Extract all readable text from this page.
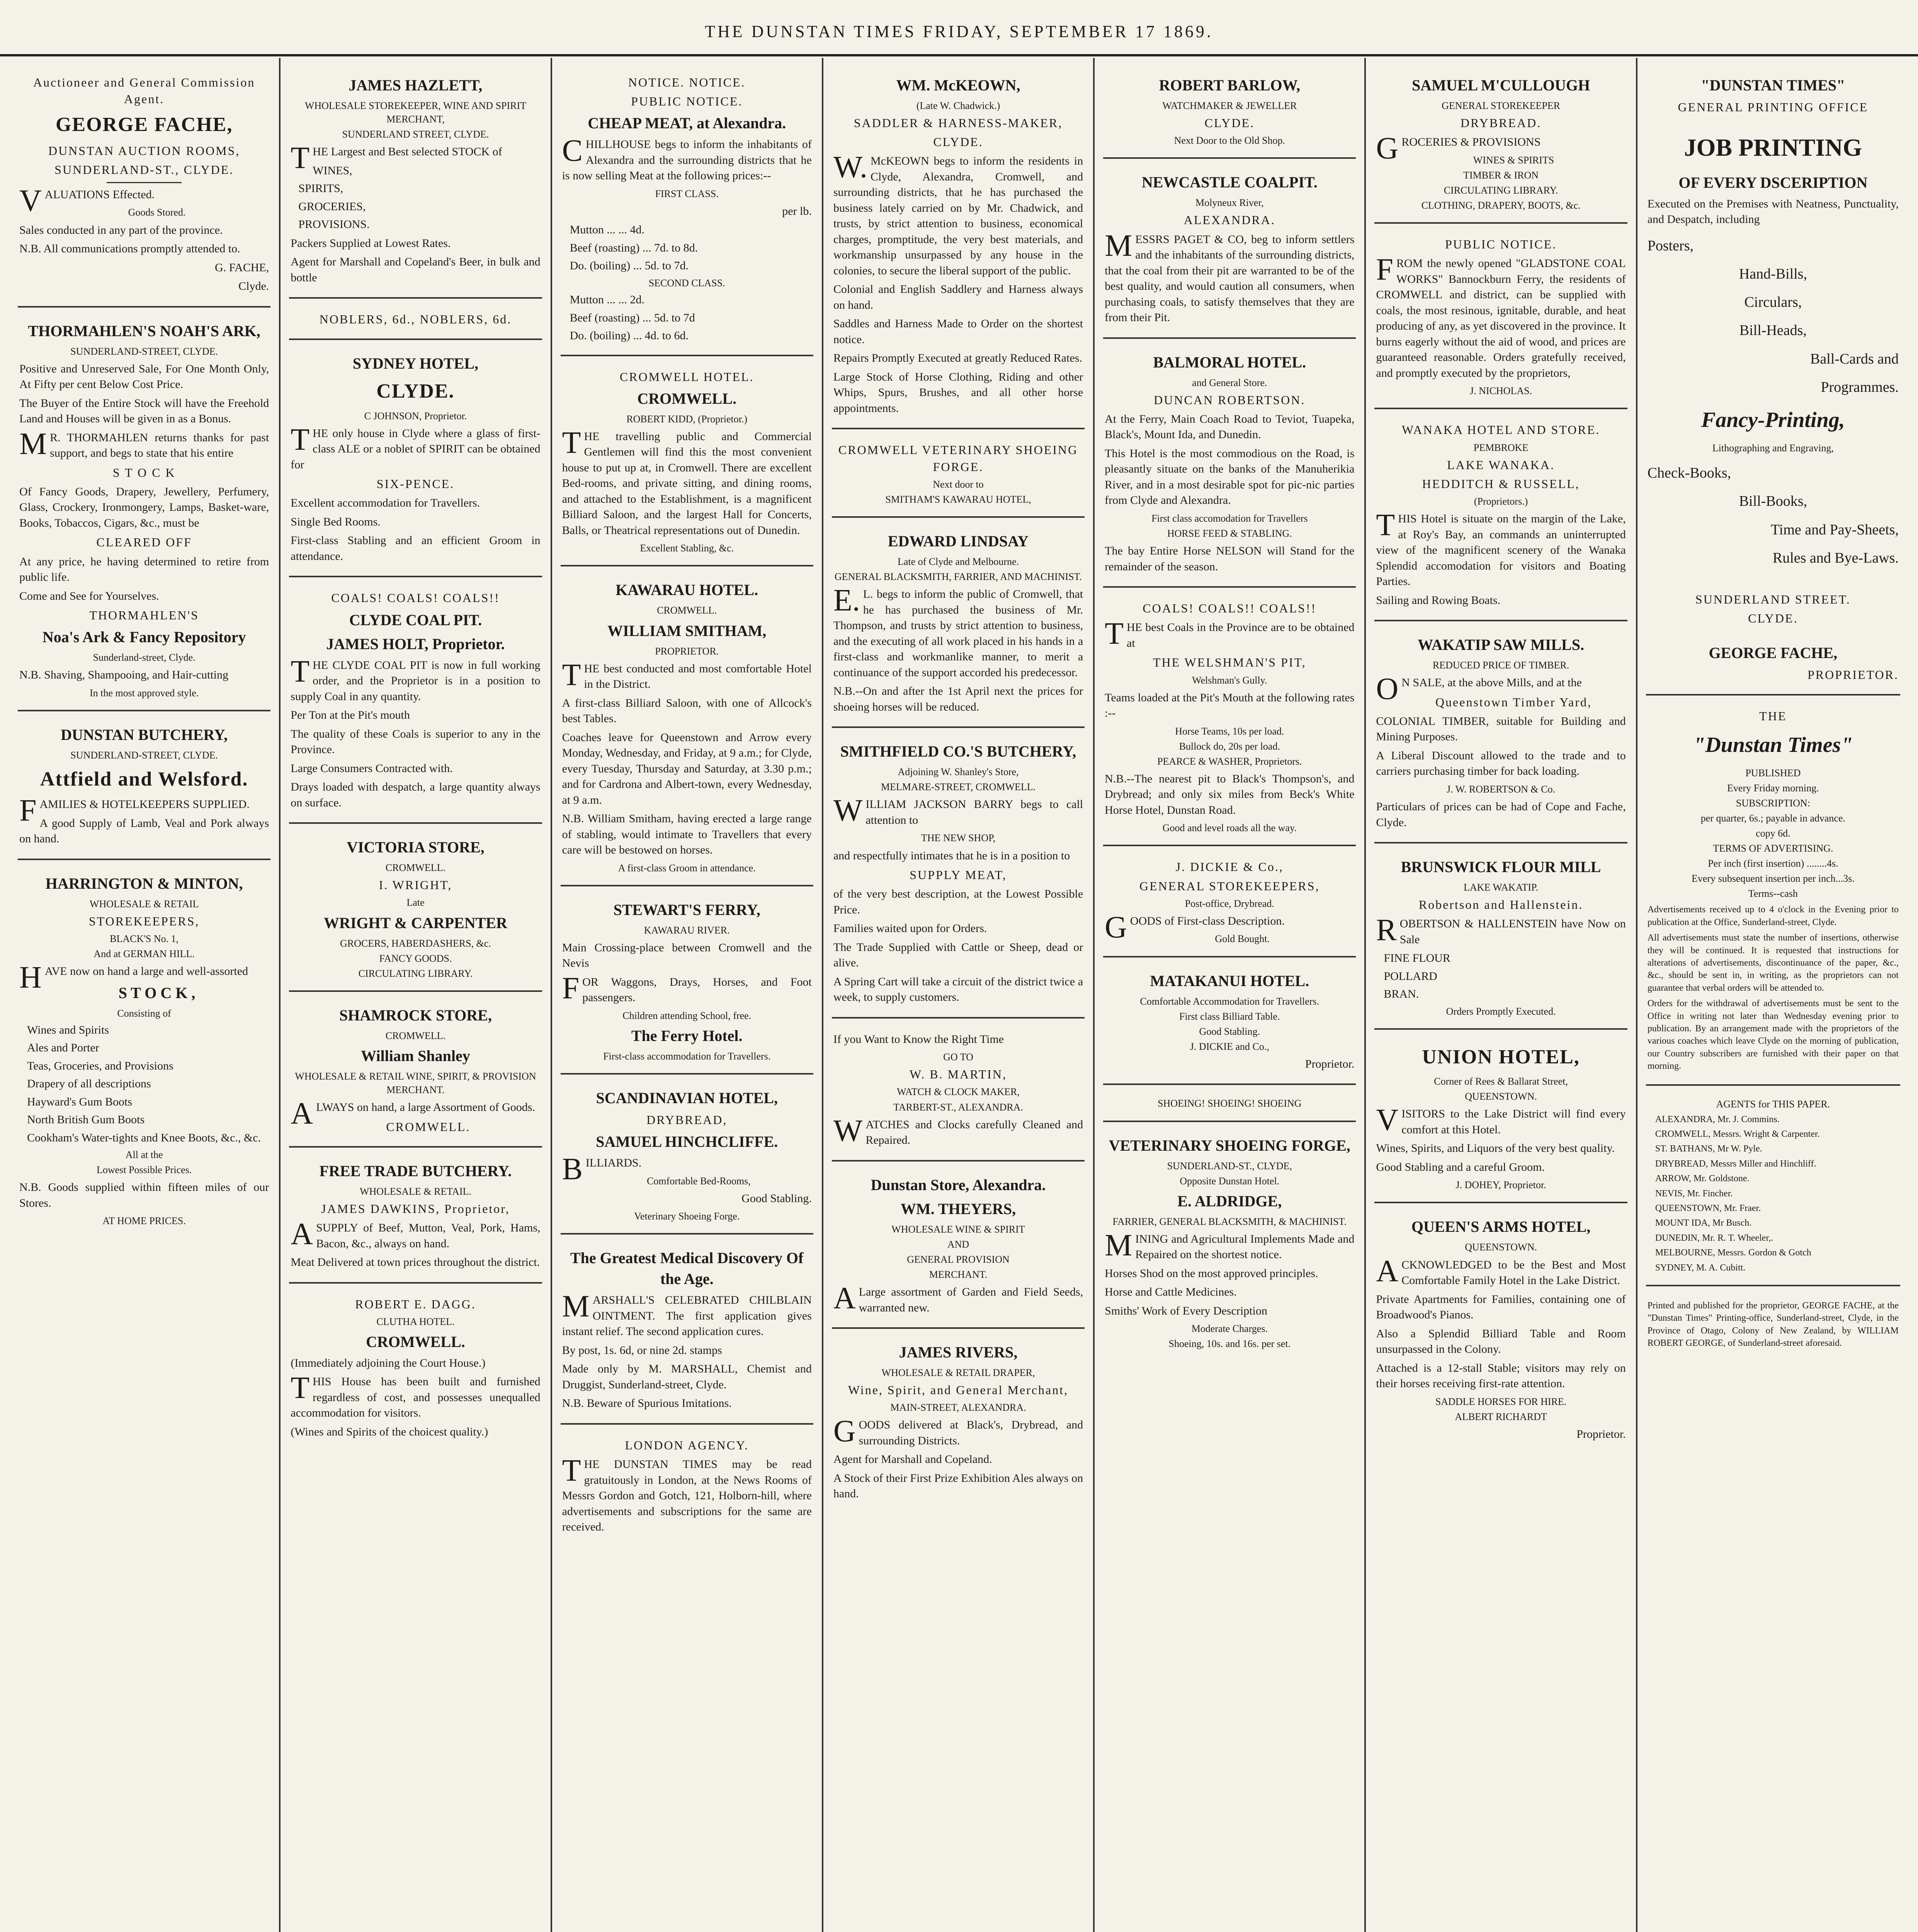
THE DUNSTAN TIMES FRIDAY, SEPTEMBER 17 1869.
Auctioneer and General Commission Agent.
GEORGE FACHE,
DUNSTAN AUCTION ROOMS,
SUNDERLAND-ST., CLYDE.
VALUATIONS Effected.
Goods Stored.
Sales conducted in any part of the province.
N.B. All communications promptly attended to.
G. FACHE,
Clyde.
THORMAHLEN'S NOAH'S ARK,
SUNDERLAND-STREET, CLYDE.
Positive and Unreserved Sale, For One Month Only, At Fifty per cent Below Cost Price.
The Buyer of the Entire Stock will have the Freehold Land and Houses will be given in as a Bonus.
MR. THORMAHLEN returns thanks for past support, and begs to state that his entire
S T O C K
Of Fancy Goods, Drapery, Jewellery, Perfumery, Glass, Crockery, Ironmongery, Lamps, Basket-ware, Books, Tobaccos, Cigars, &c., must be
CLEARED OFF
At any price, he having determined to retire from public life.
Come and See for Yourselves.
THORMAHLEN'S
Noa's Ark & Fancy Repository
Sunderland-street, Clyde.
N.B. Shaving, Shampooing, and Hair-cutting
In the most approved style.
DUNSTAN BUTCHERY,
SUNDERLAND-STREET, CLYDE.
Attfield and Welsford.
FAMILIES & HOTELKEEPERS SUPPLIED.
A good Supply of Lamb, Veal and Pork always on hand.
HARRINGTON & MINTON,
WHOLESALE & RETAIL
STOREKEEPERS,
BLACK'S No. 1,
And at GERMAN HILL.
HAVE now on hand a large and well-assorted
S T O C K ,
Consisting of
Wines and Spirits
Ales and Porter
Teas, Groceries, and Provisions
Drapery of all descriptions
Hayward's Gum Boots
North British Gum Boots
Cookham's Water-tights and Knee Boots, &c., &c.
All at the
Lowest Possible Prices.
N.B. Goods supplied within fifteen miles of our Stores.
AT HOME PRICES.
JAMES HAZLETT,
WHOLESALE STOREKEEPER, WINE AND SPIRIT MERCHANT,
SUNDERLAND STREET, CLYDE.
THE Largest and Best selected STOCK of
WINES,
SPIRITS,
GROCERIES,
PROVISIONS.
Packers Supplied at Lowest Rates.
Agent for Marshall and Copeland's Beer, in bulk and bottle
NOBLERS, 6d., NOBLERS, 6d.
SYDNEY HOTEL,
CLYDE.
C JOHNSON, Proprietor.
THE only house in Clyde where a glass of first-class ALE or a noblet of SPIRIT can be obtained for
SIX-PENCE.
Excellent accommodation for Travellers.
Single Bed Rooms.
First-class Stabling and an efficient Groom in attendance.
COALS! COALS! COALS!!
CLYDE COAL PIT.
JAMES HOLT, Proprietor.
THE CLYDE COAL PIT is now in full working order, and the Proprietor is in a position to supply Coal in any quantity.
Per Ton at the Pit's mouth
The quality of these Coals is superior to any in the Province.
Large Consumers Contracted with.
Drays loaded with despatch, a large quantity always on surface.
VICTORIA STORE,
CROMWELL.
I. WRIGHT,
Late
WRIGHT & CARPENTER
GROCERS, HABERDASHERS, &c.
FANCY GOODS.
CIRCULATING LIBRARY.
SHAMROCK STORE,
CROMWELL.
William Shanley
WHOLESALE & RETAIL WINE, SPIRIT, & PROVISION MERCHANT.
ALWAYS on hand, a large Assortment of Goods.
CROMWELL.
FREE TRADE BUTCHERY.
WHOLESALE & RETAIL.
JAMES DAWKINS, Proprietor,
ASUPPLY of Beef, Mutton, Veal, Pork, Hams, Bacon, &c., always on hand.
Meat Delivered at town prices throughout the district.
ROBERT E. DAGG.
CLUTHA HOTEL.
CROMWELL.
(Immediately adjoining the Court House.)
THIS House has been built and furnished regardless of cost, and possesses unequalled accommodation for visitors.
(Wines and Spirits of the choicest quality.)
NOTICE. NOTICE.
PUBLIC NOTICE.
CHEAP MEAT, at Alexandra.
CHILLHOUSE begs to inform the inhabitants of Alexandra and the surrounding districts that he is now selling Meat at the following prices:--
FIRST CLASS.
per lb.
Mutton ... ... 4d.
Beef (roasting) ... 7d. to 8d.
Do. (boiling) ... 5d. to 7d.
SECOND CLASS.
Mutton ... ... 2d.
Beef (roasting) ... 5d. to 7d
Do. (boiling) ... 4d. to 6d.
CROMWELL HOTEL.
CROMWELL.
ROBERT KIDD, (Proprietor.)
THE travelling public and Commercial Gentlemen will find this the most convenient house to put up at, in Cromwell. There are excellent Bed-rooms, and private sitting, and dining rooms, and attached to the Establishment, is a magnificent Billiard Saloon, and the largest Hall for Concerts, Balls, or Theatrical representations out of Dunedin.
Excellent Stabling, &c.
KAWARAU HOTEL.
CROMWELL.
WILLIAM SMITHAM,
PROPRIETOR.
THE best conducted and most comfortable Hotel in the District.
A first-class Billiard Saloon, with one of Allcock's best Tables.
Coaches leave for Queenstown and Arrow every Monday, Wednesday, and Friday, at 9 a.m.; for Clyde, every Tuesday, Thursday and Saturday, at 3.30 p.m.; and for Cardrona and Albert-town, every Wednesday, at 9 a.m.
N.B. William Smitham, having erected a large range of stabling, would intimate to Travellers that every care will be bestowed on horses.
A first-class Groom in attendance.
STEWART'S FERRY,
KAWARAU RIVER.
Main Crossing-place between Cromwell and the Nevis
FOR Waggons, Drays, Horses, and Foot passengers.
Children attending School, free.
The Ferry Hotel.
First-class accommodation for Travellers.
SCANDINAVIAN HOTEL,
DRYBREAD,
SAMUEL HINCHCLIFFE.
BILLIARDS.
Comfortable Bed-Rooms,
Good Stabling.
Veterinary Shoeing Forge.
The Greatest Medical Discovery Of the Age.
MARSHALL'S CELEBRATED CHILBLAIN OINTMENT. The first application gives instant relief. The second application cures.
By post, 1s. 6d, or nine 2d. stamps
Made only by M. MARSHALL, Chemist and Druggist, Sunderland-street, Clyde.
N.B. Beware of Spurious Imitations.
LONDON AGENCY.
THE DUNSTAN TIMES may be read gratuitously in London, at the News Rooms of Messrs Gordon and Gotch, 121, Holborn-hill, where advertisements and subscriptions for the same are received.
WM. McKEOWN,
(Late W. Chadwick.)
SADDLER & HARNESS-MAKER,
CLYDE.
W.McKEOWN begs to inform the residents in Clyde, Alexandra, Cromwell, and surrounding districts, that he has purchased the business lately carried on by Mr. Chadwick, and trusts, by strict attention to business, economical charges, promptitude, the very best materials, and workmanship unsurpassed by any house in the colonies, to secure the liberal support of the public.
Colonial and English Saddlery and Harness always on hand.
Saddles and Harness Made to Order on the shortest notice.
Repairs Promptly Executed at greatly Reduced Rates.
Large Stock of Horse Clothing, Riding and other Whips, Spurs, Brushes, and all other horse appointments.
CROMWELL VETERINARY SHOEING FORGE.
Next door to
SMITHAM'S KAWARAU HOTEL,
EDWARD LINDSAY
Late of Clyde and Melbourne.
GENERAL BLACKSMITH, FARRIER, AND MACHINIST.
E.L. begs to inform the public of Cromwell, that he has purchased the business of Mr. Thompson, and trusts by strict attention to business, and the executing of all work placed in his hands in a first-class and workmanlike manner, to merit a continuance of the support accorded his predecessor.
N.B.--On and after the 1st April next the prices for shoeing horses will be reduced.
SMITHFIELD CO.'S BUTCHERY,
Adjoining W. Shanley's Store,
MELMARE-STREET, CROMWELL.
WILLIAM JACKSON BARRY begs to call attention to
THE NEW SHOP,
and respectfully intimates that he is in a position to
SUPPLY MEAT,
of the very best description, at the Lowest Possible Price.
Families waited upon for Orders.
The Trade Supplied with Cattle or Sheep, dead or alive.
A Spring Cart will take a circuit of the district twice a week, to supply customers.
If you Want to Know the Right Time
GO TO
W. B. MARTIN,
WATCH & CLOCK MAKER,
TARBERT-ST., ALEXANDRA.
WATCHES and Clocks carefully Cleaned and Repaired.
Dunstan Store, Alexandra.
WM. THEYERS,
WHOLESALE WINE & SPIRIT
AND
GENERAL PROVISION
MERCHANT.
ALarge assortment of Garden and Field Seeds, warranted new.
JAMES RIVERS,
WHOLESALE & RETAIL DRAPER,
Wine, Spirit, and General Merchant,
MAIN-STREET, ALEXANDRA.
GOODS delivered at Black's, Drybread, and surrounding Districts.
Agent for Marshall and Copeland.
A Stock of their First Prize Exhibition Ales always on hand.
ROBERT BARLOW,
WATCHMAKER & JEWELLER
CLYDE.
Next Door to the Old Shop.
NEWCASTLE COALPIT.
Molyneux River,
ALEXANDRA.
MESSRS PAGET & CO, beg to inform settlers and the inhabitants of the surrounding districts, that the coal from their pit are warranted to be of the best quality, and would caution all consumers, when purchasing coals, to satisfy themselves that they are from their Pit.
BALMORAL HOTEL.
and General Store.
DUNCAN ROBERTSON.
At the Ferry, Main Coach Road to Teviot, Tuapeka, Black's, Mount Ida, and Dunedin.
This Hotel is the most commodious on the Road, is pleasantly situate on the banks of the Manuherikia River, and in a most desirable spot for pic-nic parties from Clyde and Alexandra.
First class accomodation for Travellers
HORSE FEED & STABLING.
The bay Entire Horse NELSON will Stand for the remainder of the season.
COALS! COALS!! COALS!!
THE best Coals in the Province are to be obtained at
THE WELSHMAN'S PIT,
Welshman's Gully.
Teams loaded at the Pit's Mouth at the following rates :--
Horse Teams, 10s per load.
Bullock do, 20s per load.
PEARCE & WASHER, Proprietors.
N.B.--The nearest pit to Black's Thompson's, and Drybread; and only six miles from Beck's White Horse Hotel, Dunstan Road.
Good and level roads all the way.
J. DICKIE & Co.,
GENERAL STOREKEEPERS,
Post-office, Drybread.
GOODS of First-class Description.
Gold Bought.
MATAKANUI HOTEL.
Comfortable Accommodation for Travellers.
First class Billiard Table.
Good Stabling.
J. DICKIE and Co.,
Proprietor.
SHOEING! SHOEING! SHOEING
VETERINARY SHOEING FORGE,
SUNDERLAND-ST., CLYDE,
Opposite Dunstan Hotel.
E. ALDRIDGE,
FARRIER, GENERAL BLACKSMITH, & MACHINIST.
MINING and Agricultural Implements Made and Repaired on the shortest notice.
Horses Shod on the most approved principles.
Horse and Cattle Medicines.
Smiths' Work of Every Description
Moderate Charges.
Shoeing, 10s. and 16s. per set.
SAMUEL M'CULLOUGH
GENERAL STOREKEEPER
DRYBREAD.
GROCERIES & PROVISIONS
WINES & SPIRITS
TIMBER & IRON
CIRCULATING LIBRARY.
CLOTHING, DRAPERY, BOOTS, &c.
PUBLIC NOTICE.
FROM the newly opened "GLADSTONE COAL WORKS" Bannockburn Ferry, the residents of CROMWELL and district, can be supplied with coals, the most resinous, ignitable, durable, and heat producing of any, as yet discovered in the province. It burns eagerly without the aid of wood, and prices are guaranteed reasonable. Orders gratefully received, and promptly executed by the proprietors,
J. NICHOLAS.
WANAKA HOTEL AND STORE.
PEMBROKE
LAKE WANAKA.
HEDDITCH & RUSSELL,
(Proprietors.)
THIS Hotel is situate on the margin of the Lake, at Roy's Bay, an commands an uninterrupted view of the magnificent scenery of the Wanaka Splendid accomodation for visitors and Boating Parties.
Sailing and Rowing Boats.
WAKATIP SAW MILLS.
REDUCED PRICE OF TIMBER.
ON SALE, at the above Mills, and at the
Queenstown Timber Yard,
COLONIAL TIMBER, suitable for Building and Mining Purposes.
A Liberal Discount allowed to the trade and to carriers purchasing timber for back loading.
J. W. ROBERTSON & Co.
Particulars of prices can be had of Cope and Fache, Clyde.
BRUNSWICK FLOUR MILL
LAKE WAKATIP.
Robertson and Hallenstein.
ROBERTSON & HALLENSTEIN have Now on Sale
FINE FLOUR
POLLARD
BRAN.
Orders Promptly Executed.
UNION HOTEL,
Corner of Rees & Ballarat Street,
QUEENSTOWN.
VISITORS to the Lake District will find every comfort at this Hotel.
Wines, Spirits, and Liquors of the very best quality.
Good Stabling and a careful Groom.
J. DOHEY, Proprietor.
QUEEN'S ARMS HOTEL,
QUEENSTOWN.
ACKNOWLEDGED to be the Best and Most Comfortable Family Hotel in the Lake District.
Private Apartments for Families, containing one of Broadwood's Pianos.
Also a Splendid Billiard Table and Room unsurpassed in the Colony.
Attached is a 12-stall Stable; visitors may rely on their horses receiving first-rate attention.
SADDLE HORSES FOR HIRE.
ALBERT RICHARDT
Proprietor.
"DUNSTAN TIMES"
GENERAL PRINTING OFFICE
JOB PRINTING
OF EVERY DSCERIPTION
Executed on the Premises with Neatness, Punctuality, and Despatch, including
Posters,
Hand-Bills,
Circulars,
Bill-Heads,
Ball-Cards and
Programmes.
Fancy-Printing,
Lithographing and Engraving,
Check-Books,
Bill-Books,
Time and Pay-Sheets,
Rules and Bye-Laws.
SUNDERLAND STREET.
CLYDE.
GEORGE FACHE,
PROPRIETOR.
THE
"Dunstan Times"
PUBLISHED
Every Friday morning.
SUBSCRIPTION:
per quarter, 6s.; payable in advance.
copy 6d.
TERMS OF ADVERTISING.
Per inch (first insertion) ........4s.
Every subsequent insertion per inch...3s.
Terms--cash
Advertisements received up to 4 o'clock in the Evening prior to publication at the Office, Sunderland-street, Clyde.
All advertisements must state the number of insertions, otherwise they will be continued. It is requested that instructions for alterations of advertisements, discontinuance of the paper, &c., &c., should be sent in, in writing, as the proprietors can not guarantee that verbal orders will be attended to.
Orders for the withdrawal of advertisements must be sent to the Office in writing not later than Wednesday evening prior to publication. By an arrangement made with the proprietors of the various coaches which leave Clyde on the morning of publication, our Country subscribers are furnished with their paper on that morning.
AGENTS for THIS PAPER.
ALEXANDRA, Mr. J. Commins.
CROMWELL, Messrs. Wright & Carpenter.
ST. BATHANS, Mr W. Pyle.
DRYBREAD, Messrs Miller and Hinchliff.
ARROW, Mr. Goldstone.
NEVIS, Mr. Fincher.
QUEENSTOWN, Mr. Fraer.
MOUNT IDA, Mr Busch.
DUNEDIN, Mr. R. T. Wheeler,.
MELBOURNE, Messrs. Gordon & Gotch
SYDNEY, M. A. Cubitt.
Printed and published for the proprietor, GEORGE FACHE, at the "Dunstan Times" Printing-office, Sunderland-street, Clyde, in the Province of Otago, Colony of New Zealand, by WILLIAM ROBERT GEORGE, of Sunderland-street aforesaid.
